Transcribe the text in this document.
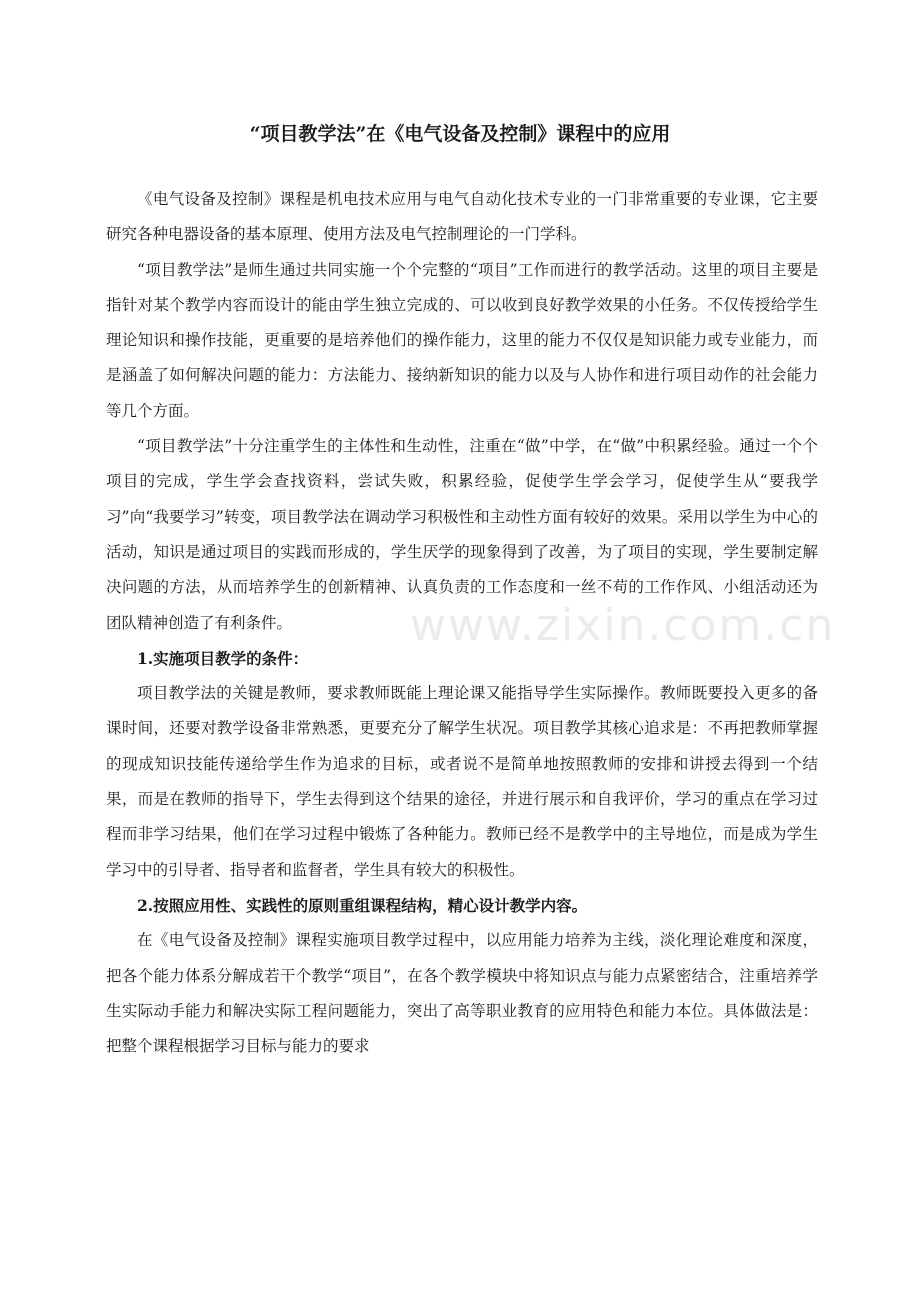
www.zixin.com.cn
“项目教学法”在《电气设备及控制》课程中的应用

《电气设备及控制》课程是机电技术应用与电气自动化技术专业的一门非常重要的专业课，它主要研究各种电器设备的基本原理、使用方法及电气控制理论的一门学科。

“项目教学法”是师生通过共同实施一个个完整的“项目”工作而进行的教学活动。这里的项目主要是指针对某个教学内容而设计的能由学生独立完成的、可以收到良好教学效果的小任务。不仅传授给学生理论知识和操作技能，更重要的是培养他们的操作能力，这里的能力不仅仅是知识能力或专业能力，而是涵盖了如何解决问题的能力：方法能力、接纳新知识的能力以及与人协作和进行项目动作的社会能力等几个方面。

“项目教学法”十分注重学生的主体性和生动性，注重在“做”中学，在“做”中积累经验。通过一个个项目的完成，学生学会查找资料，尝试失败，积累经验，促使学生学会学习，促使学生从“要我学习”向“我要学习”转变，项目教学法在调动学习积极性和主动性方面有较好的效果。采用以学生为中心的活动，知识是通过项目的实践而形成的，学生厌学的现象得到了改善，为了项目的实现，学生要制定解决问题的方法，从而培养学生的创新精神、认真负责的工作态度和一丝不苟的工作作风、小组活动还为团队精神创造了有利条件。

1.实施项目教学的条件：

项目教学法的关键是教师，要求教师既能上理论课又能指导学生实际操作。教师既要投入更多的备课时间，还要对教学设备非常熟悉，更要充分了解学生状况。项目教学其核心追求是：不再把教师掌握的现成知识技能传递给学生作为追求的目标，或者说不是简单地按照教师的安排和讲授去得到一个结果，而是在教师的指导下，学生去得到这个结果的途径，并进行展示和自我评价，学习的重点在学习过程而非学习结果，他们在学习过程中锻炼了各种能力。教师已经不是教学中的主导地位，而是成为学生学习中的引导者、指导者和监督者，学生具有较大的积极性。

2.按照应用性、实践性的原则重组课程结构，精心设计教学内容。

在《电气设备及控制》课程实施项目教学过程中，以应用能力培养为主线，淡化理论难度和深度，把各个能力体系分解成若干个教学“项目”，在各个教学模块中将知识点与能力点紧密结合，注重培养学生实际动手能力和解决实际工程问题能力，突出了高等职业教育的应用特色和能力本位。具体做法是：把整个课程根据学习目标与能力的要求
